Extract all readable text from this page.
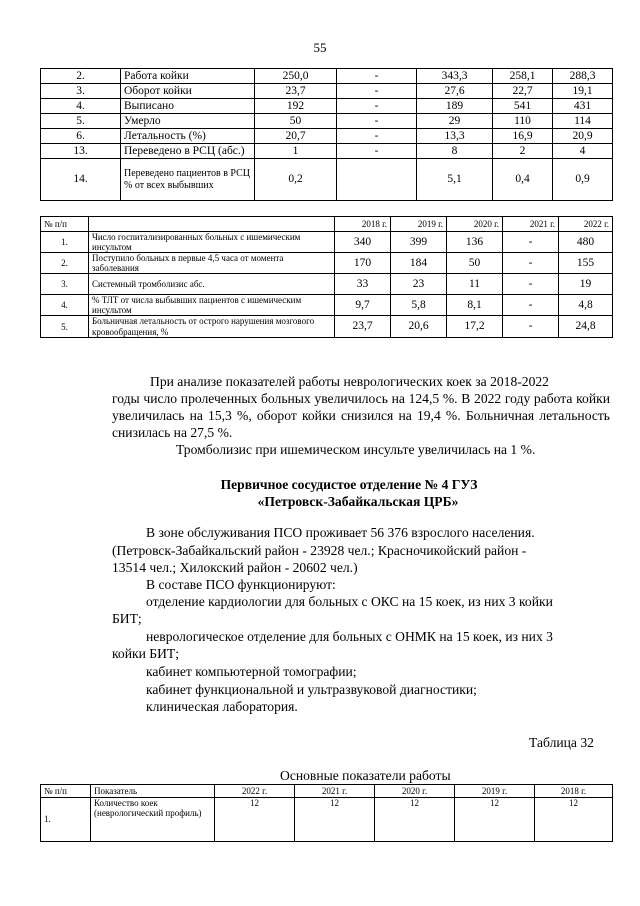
55
2.	Работа койки	250,0	-	343,3	258,1	288,3
3.	Оборот койки	23,7	-	27,6	22,7	19,1
4.	Выписано	192	-	189	541	431
5.	Умерло	50	-	29	110	114
6.	Летальность (%)	20,7	-	13,3	16,9	20,9
13.	Переведено в РСЦ (абс.)	1	-	8	2	4
14.	Переведено пациентов в РСЦ % от всех выбывших	0,2		5,1	0,4	0,9
№ п/п		2018 г.	2019 г.	2020 г.	2021 г.	2022 г.
1.	Число госпитализированных больных с ишемическим инсультом	340	399	136	-	480
2.	Поступило больных в первые 4,5 часа от момента заболевания	170	184	50	-	155
3.	Системный тромболизис абс.	33	23	11	-	19
4.	% ТЛТ от числа выбывших пациентов с ишемическим инсультом	9,7	5,8	8,1	-	4,8
5.	Больничная летальность от острого нарушения мозгового кровообращения, %	23,7	20,6	17,2	-	24,8
При анализе показателей работы неврологических коек за 2018-2022
годы число пролеченных больных увеличилось на 124,5 %. В 2022 году работа койки увеличилась на 15,3 %, оборот койки снизился на 19,4 %. Больничная летальность снизилась на 27,5 %.
Тромболизис при ишемическом инсульте увеличилась на 1 %.
Первичное сосудистое отделение № 4 ГУЗ
«Петровск-Забайкальская ЦРБ»
В зоне обслуживания ПСО проживает 56 376 взрослого населения.
(Петровск-Забайкальский район - 23928 чел.; Красночикойский район -
13514 чел.; Хилокский район - 20602 чел.)
В составе ПСО функционируют:
отделение кардиологии для больных с ОКС на 15 коек, из них 3 койки
БИТ;
неврологическое отделение для больных с ОНМК на 15 коек, из них 3
койки БИТ;
кабинет компьютерной томографии;
кабинет функциональной и ультразвуковой диагностики;
клиническая лаборатория.
Таблица 32
Основные показатели работы
№ п/п	Показатель	2022 г.	2021 г.	2020 г.	2019 г.	2018 г.
1.	Количество коек (неврологический профиль)	12	12	12	12	12
